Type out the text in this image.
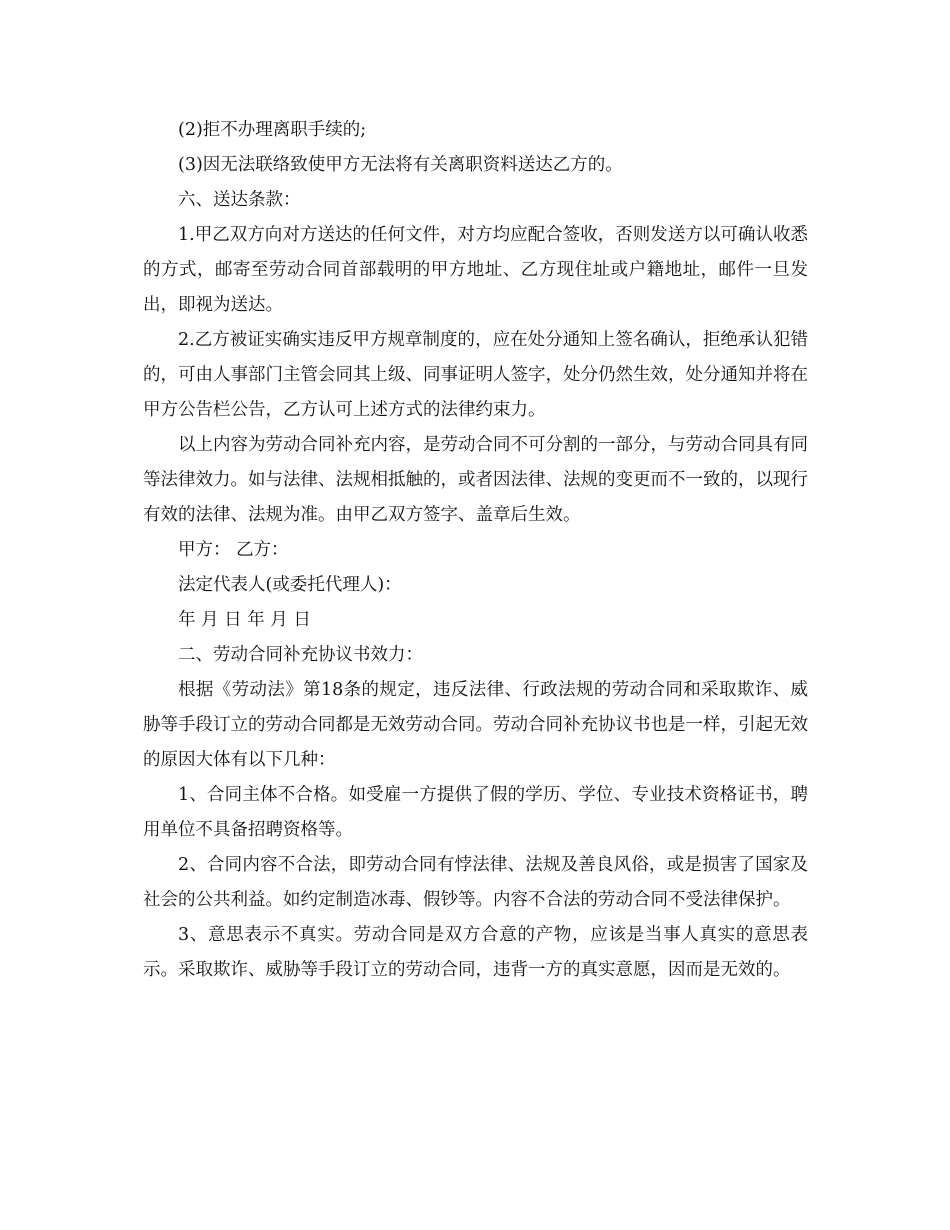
(2)拒不办理离职手续的;

(3)因无法联络致使甲方无法将有关离职资料送达乙方的。

六、送达条款：

1.甲乙双方向对方送达的任何文件，对方均应配合签收，否则发送方以可确认收悉的方式，邮寄至劳动合同首部载明的甲方地址、乙方现住址或户籍地址，邮件一旦发出，即视为送达。

2.乙方被证实确实违反甲方规章制度的，应在处分通知上签名确认，拒绝承认犯错的，可由人事部门主管会同其上级、同事证明人签字，处分仍然生效，处分通知并将在甲方公告栏公告，乙方认可上述方式的法律约束力。

以上内容为劳动合同补充内容，是劳动合同不可分割的一部分，与劳动合同具有同等法律效力。如与法律、法规相抵触的，或者因法律、法规的变更而不一致的，以现行有效的法律、法规为准。由甲乙双方签字、盖章后生效。

甲方： 乙方：

法定代表人(或委托代理人)：

年 月 日 年 月 日

二、劳动合同补充协议书效力：

根据《劳动法》第18条的规定，违反法律、行政法规的劳动合同和采取欺诈、威胁等手段订立的劳动合同都是无效劳动合同。劳动合同补充协议书也是一样，引起无效的原因大体有以下几种：

1、合同主体不合格。如受雇一方提供了假的学历、学位、专业技术资格证书，聘用单位不具备招聘资格等。

2、合同内容不合法，即劳动合同有悖法律、法规及善良风俗，或是损害了国家及社会的公共利益。如约定制造冰毒、假钞等。内容不合法的劳动合同不受法律保护。

3、意思表示不真实。劳动合同是双方合意的产物，应该是当事人真实的意思表示。采取欺诈、威胁等手段订立的劳动合同，违背一方的真实意愿，因而是无效的。
